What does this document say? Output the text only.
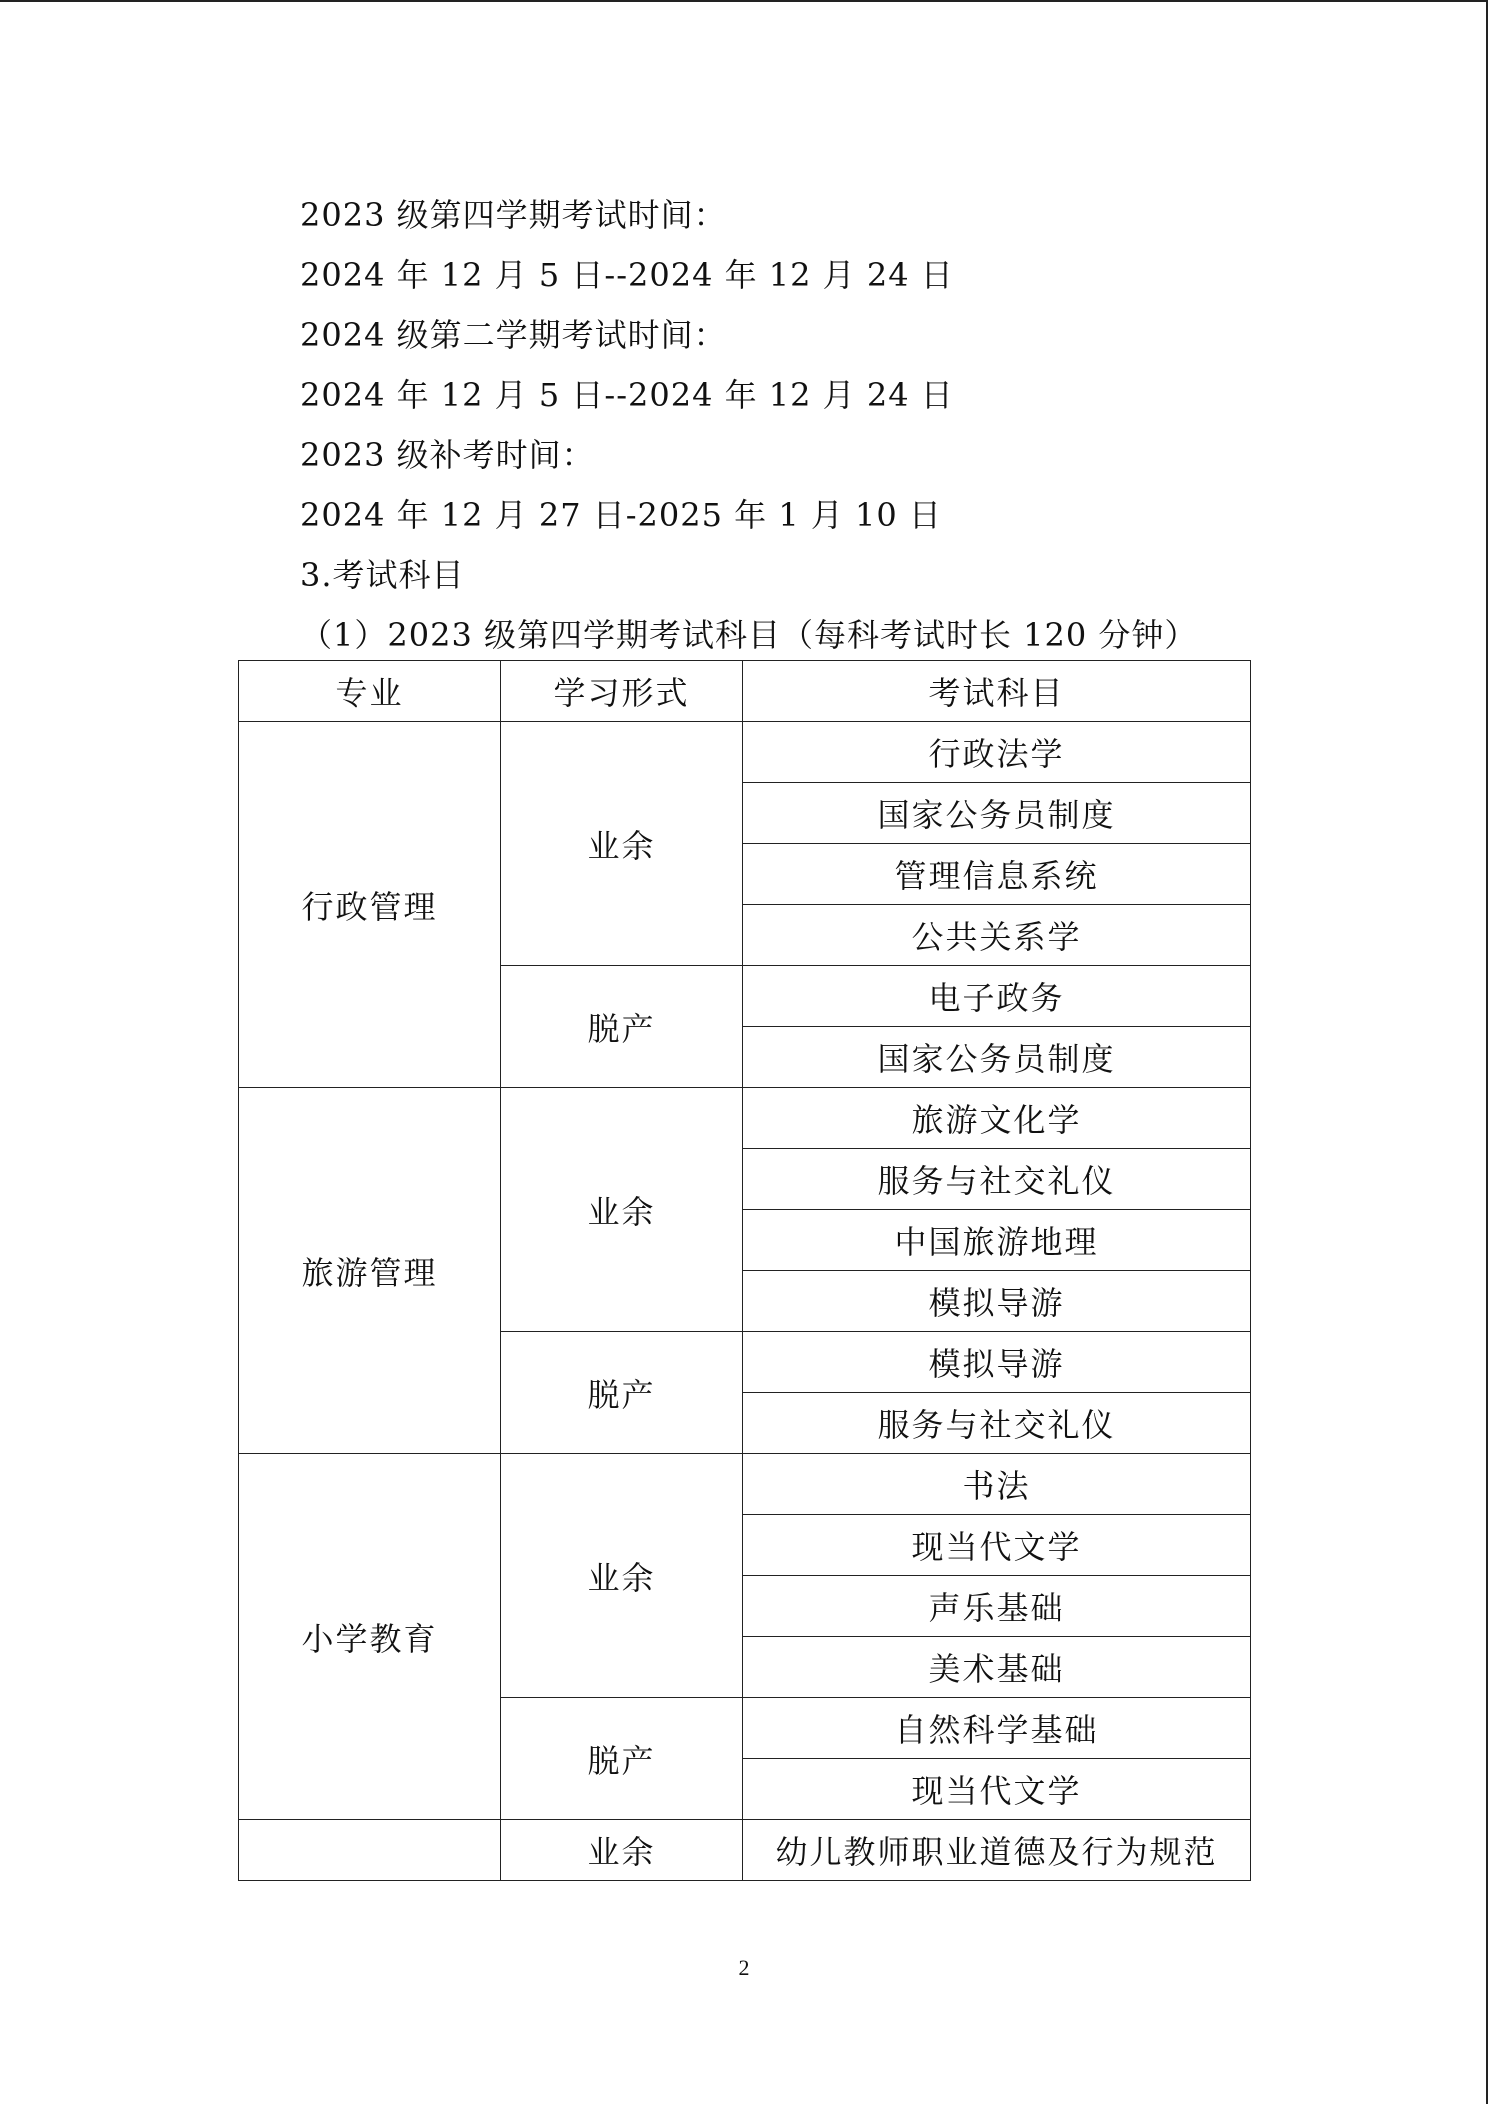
2023 级第四学期考试时间：
2024 年 12 月 5 日--2024 年 12 月 24 日
2024 级第二学期考试时间：
2024 年 12 月 5 日--2024 年 12 月 24 日
2023 级补考时间：
2024 年 12 月 27 日-2025 年 1 月 10 日
3.考试科目
（1）2023 级第四学期考试科目（每科考试时长 120 分钟）
专业	学习形式	考试科目
行政管理	业余	行政法学
		国家公务员制度
		管理信息系统
		公共关系学
	脱产	电子政务
		国家公务员制度
旅游管理	业余	旅游文化学
		服务与社交礼仪
		中国旅游地理
		模拟导游
	脱产	模拟导游
		服务与社交礼仪
小学教育	业余	书法
		现当代文学
		声乐基础
		美术基础
	脱产	自然科学基础
		现当代文学
	业余	幼儿教师职业道德及行为规范
2
